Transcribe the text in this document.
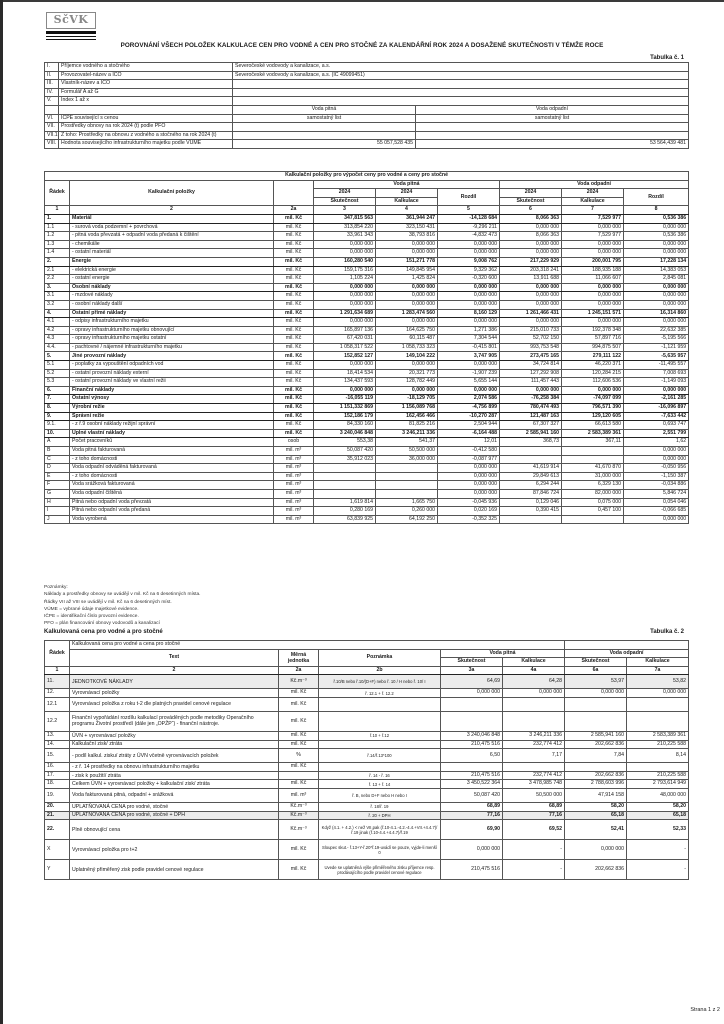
SčVK
POROVNÁNÍ VŠECH POLOŽEK KALKULACE CEN PRO VODNÉ A CEN PRO STOČNÉ ZA KALENDÁŘNÍ ROK 2024 A DOSAŽENÉ SKUTEČNOSTI V TÉMŽE ROCE
Tabulka č. 1
I.	Příjemce vodného a stočného	Severočeské vodovody a kanalizace, a.s.	
II.	Provozovatel-název a IČO	Severočeské vodovody a kanalizace, a.s. (IČ 49099451)	
III.	Vlastník-název a IČO		
IV.	Formulář A až G		
V.	Index 1 až x		
		Voda pitná	Voda odpadní
VI.	IČPE související s cenou	samostatný list	samostatný list
VII.	Prostředky obnovy na rok 2024 (t) podle PFO		
VII.1	Z toho: Prostředky na obnovu z vodného a stočného na rok 2024 (t)		
VIII.	Hodnota souvisejícího infrastrukturního majetku podle VÚME	55 057,528 435	53 564,439 481
Kalkulační položky pro výpočet ceny pro vodné a ceny pro stočné								
Řádek	Kalkulační položky		Voda pitná			Voda odpadní		
			2024	2024	Rozdíl	2024	2024	Rozdíl
			Skutečnost	Kalkulace		Skutečnost	Kalkulace	
1	2	2a	3	4	5	6	7	8
1.	Materiál	mil. Kč	347,815 563	361,944 247	-14,128 684	8,066 363	7,529 977	0,536 386
1.1	- surová voda podzemní + povrchová	mil. Kč	313,854 220	323,150 431	-9,296 211	0,000 000	0,000 000	0,000 000
1.2	- pitná voda převzatá + odpadní voda předaná k čištění	mil. Kč	33,961 343	38,793 816	-4,832 473	8,066 363	7,529 977	0,536 386
1.3	- chemikálie	mil. Kč	0,000 000	0,000 000	0,000 000	0,000 000	0,000 000	0,000 000
1.4	- ostatní materiál	mil. Kč	0,000 000	0,000 000	0,000 000	0,000 000	0,000 000	0,000 000
2.	Energie	mil. Kč	160,280 540	151,271 778	9,008 762	217,229 929	200,001 795	17,228 134
2.1	- elektrická energie	mil. Kč	159,175 316	149,845 954	9,329 362	203,318 241	188,935 188	14,383 053
2.2	- ostatní energie	mil. Kč	1,105 224	1,425 824	-0,320 600	13,911 688	11,066 607	2,845 081
3.	Osobní náklady	mil. Kč	0,000 000	0,000 000	0,000 000	0,000 000	0,000 000	0,000 000
3.1	- mzdové náklady	mil. Kč	0,000 000	0,000 000	0,000 000	0,000 000	0,000 000	0,000 000
3.2	- osobní náklady další	mil. Kč	0,000 000	0,000 000	0,000 000	0,000 000	0,000 000	0,000 000
4.	Ostatní přímé náklady	mil. Kč	1 291,634 689	1 283,474 560	8,160 129	1 261,466 431	1 245,151 571	16,314 860
4.1	- odpisy infrastrukturního majetku	mil. Kč	0,000 000	0,000 000	0,000 000	0,000 000	0,000 000	0,000 000
4.2	- opravy infrastrukturního majetku obnovující	mil. Kč	165,897 136	164,625 750	1,271 386	215,010 733	192,378 348	22,632 385
4.3	- opravy infrastrukturního majetku ostatní	mil. Kč	67,420 031	60,115 487	7,304 544	52,702 150	57,897 716	-5,195 566
4.4.	- pachtovné / nájemné infrastrukturního majetku	mil. Kč	1 058,317 522	1 058,733 323	-0,415 801	993,753 548	994,875 507	-1,121 959
5.	Jiné provozní náklady	mil. Kč	152,852 127	149,104 222	3,747 905	273,475 165	279,111 122	-5,635 957
5.1	- poplatky za vypouštění odpadních vod	mil. Kč	0,000 000	0,000 000	0,000 000	34,724 814	46,220 371	-11,495 557
5.2	- ostatní provozní náklady externí	mil. Kč	18,414 534	20,321 773	-1,907 239	127,292 908	120,284 215	7,008 693
5.3	- ostatní provozní náklady ve vlastní režii	mil. Kč	134,437 593	128,782 449	5,655 144	111,457 443	112,606 536	-1,149 093
6.	Finanční náklady	mil. Kč	0,000 000	0,000 000	0,000 000	0,000 000	0,000 000	0,000 000
7.	Ostatní výnosy	mil. Kč	-16,055 119	-18,129 705	2,074 586	-76,258 384	-74,097 099	-2,161 285
8.	Výrobní režie	mil. Kč	1 151,332 869	1 156,089 768	-4,756 899	780,474 493	796,571 390	-16,096 897
9.	Správní režie	mil. Kč	152,186 179	162,456 466	-10,270 287	121,487 163	129,120 605	-7,633 442
9.1.	- z ř.9 osobní náklady režijní správní	mil. Kč	84,330 160	81,825 216	2,504 944	67,307 327	66,613 580	0,693 747
10.	Úplné vlastní náklady	mil. Kč	3 240,046 848	3 246,211 336	-6,164 488	2 585,941 160	2 583,389 361	2,551 799
A	Počet pracovníků	osob	553,38	541,37	12,01	368,73	367,11	1,62
B	Voda pitná fakturovaná	mil. m³	50,087 420	50,500 000	-0,412 580			0,000 000
C	- z toho domácnosti	mil. m³	35,912 023	36,000 000	-0,087 977			0,000 000
D	Voda odpadní odváděná fakturovaná	mil. m³			0,000 000	41,619 914	41,670 870	-0,050 956
E	- z toho domácnosti	mil. m³			0,000 000	29,849 613	31,000 000	-1,150 387
F	Voda srážková fakturovaná	mil. m³			0,000 000	6,294 244	6,329 130	-0,034 886
G	Voda odpadní čištěná	mil. m³			0,000 000	87,846 724	82,000 000	5,846 724
H	Pitná nebo odpadní voda převzatá	mil. m³	1,619 814	1,665 750	-0,045 936	0,129 046	0,075 000	0,054 046
I	Pitná nebo odpadní voda předaná	mil. m³	0,280 169	0,260 000	0,020 169	0,390 415	0,457 100	-0,066 685
J	Voda vyrobená	mil. m³	63,839 925	64,192 250	-0,352 325			0,000 000
Poznámky:
Náklady a prostředky obnovy se uvádějí v mil. Kč na 6 desetinných místa.
Řádky VII až VIII se uvádějí v mil. Kč na 6 desetinných míst.
VÚME = vybrané údaje majetkové evidence.
IČPE = identifikační číslo provozní evidence.
PFO = plán financování obnovy vodovodů a kanalizací
Kalkulovaná cena pro vodné a pro stočné	Tabulka č. 2
Řádek	Kalkulovaná cena pro vodné a cena pro stočné						
	Text	Měrná jednotka	Poznámka	Voda pitná		Voda odpadní	
				Skutečnost	Kalkulace	Skutečnost	Kalkulace
1	2	2a	2b	3a	4a	6a	7a
11.	JEDNOTKOVÉ NÁKLADY	Kč.m⁻³	ř.10/B nebo ř.10/(D+F) nebo ř. 10 / H nebo ř. 10/ I	64,69	64,28	53,97	53,82
12.	Vyrovnávací položky	mil. Kč	ř. 12.1 + ř. 12.2	0,000 000	0,000 000	0,000 000	0,000 000
12.1	Vyrovnávací položka z roku t-2 dle platných pravidel cenové regulace	mil. Kč					
12.2	Finanční vypořádání rozdílu kalkulací prováděných podle metodiky Operačního programu Životní prostředí (dále jen „OPŽP“) - finanční nástroje.	mil. Kč					
13.	ÚVN + vyrovnávací položky	mil. Kč	ř.10 + ř.12	3 240,046 848	3 246,211 336	2 585,941 160	2 583,389 361
14.	Kalkulační zisk/ ztráta	mil. Kč		210,475 516	232,774 412	202,662 836	210,225 588
15.	- podíl kalkul. zisku/ ztráty z ÚVN včetně vyrovnávacích položek	%	ř.14/ř.13*100	6,50	7,17	7,84	8,14
16.	- z ř. 14 prostředky na obnovu infrastrukturního majetku	mil. Kč					
17.	- zisk k použití/ ztráta		ř. 14 - ř. 16	210,475 516	232,774 412	202,662 836	210,225 588
18.	Celkem ÚVN + vyrovnávací položky + kalkulační zisk/ ztráta	mil. Kč	ř. 13 + ř. 14	3 450,522 364	3 478,985 748	2 788,603 996	2 793,614 949
19.	Voda fakturovaná pitná, odpadní + srážková	mil. m³	ř. B, nebo D+F nebo H nebo I	50,087 420	50,500 000	47,914 158	48,000 000
20.	UPLATŇOVANÁ CENA pro vodné, stočné	Kč.m⁻³	ř. 18/ř. 19	68,89	68,89	58,20	58,20
21.	UPLATŇOVANÁ CENA pro vodné, stočné + DPH	Kč.m⁻³	ř. 20 + DPH	77,16	77,16	65,18	65,18
22.	Plně obnovující cena	Kč.m⁻³	Když (4.1. + 4.2.) < než VII,pak (ř.10-4.1.-4.2.-4.4.+VII.+4.4.7)/ř.19 jinak (ř.10-4.4.+4.4.7)/ř.19	69,90	69,52	52,41	52,33
X	Vyrovnávací položka pro t+2	mil. Kč	Sloupec skut.- ř.13+Y-ř.20*ř.19-uvádí se pouze, vyjde-li menší 0	0,000 000	-	0,000 000	-
Y	Uplatněný přiměřený zisk podle pravidel cenové regulace	mil. Kč	Uvede se uplatněná výše přiměřeného zisku příjemce resp. prodávajícího podle pravidel cenové regulace	210,475 516	-	202,662 836	-
Strana 1 z 2
